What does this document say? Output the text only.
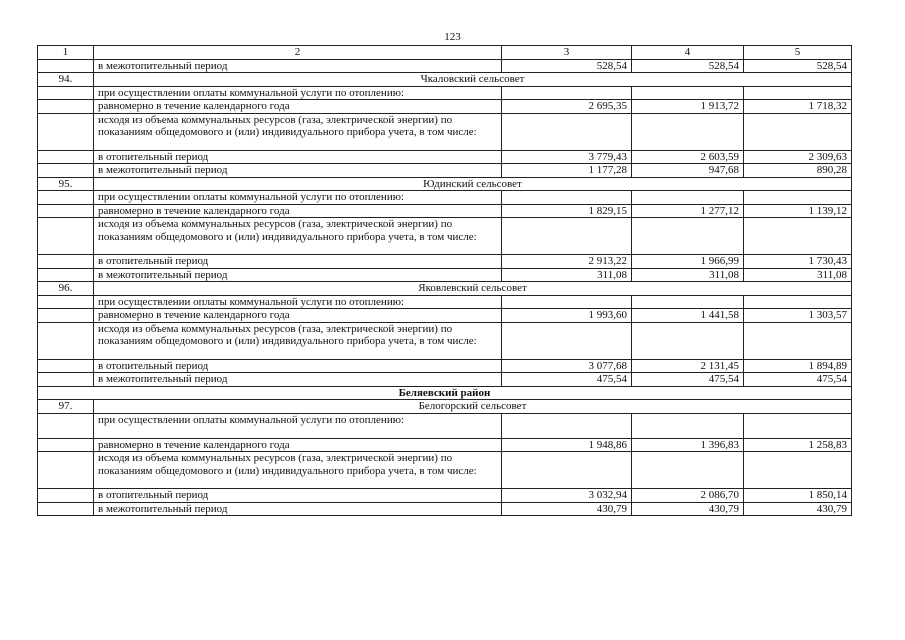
123
1	2	3	4	5
	в межотопительный период	528,54	528,54	528,54
94.	Чкаловский сельсовет			
	при осуществлении оплаты коммунальной услуги по отоплению:			
	равномерно в течение календарного года	2 695,35	1 913,72	1 718,32
	исходя из объема коммунальных ресурсов (газа, электрической энергии) по показаниям общедомового и (или) индивидуального прибора учета, в том числе:			
	в отопительный период	3 779,43	2 603,59	2 309,63
	в межотопительный период	1 177,28	947,68	890,28
95.	Юдинский сельсовет			
	при осуществлении оплаты коммунальной услуги по отоплению:			
	равномерно в течение календарного года	1 829,15	1 277,12	1 139,12
	исходя из объема коммунальных ресурсов (газа, электрической энергии) по показаниям общедомового и (или) индивидуального прибора учета, в том числе:			
	в отопительный период	2 913,22	1 966,99	1 730,43
	в межотопительный период	311,08	311,08	311,08
96.	Яковлевский сельсовет			
	при осуществлении оплаты коммунальной услуги по отоплению:			
	равномерно в течение календарного года	1 993,60	1 441,58	1 303,57
	исходя из объема коммунальных ресурсов (газа, электрической энергии) по показаниям общедомового и (или) индивидуального прибора учета, в том числе:			
	в отопительный период	3 077,68	2 131,45	1 894,89
	в межотопительный период	475,54	475,54	475,54
Беляевский район				
97.	Белогорский сельсовет			
	при осуществлении оплаты коммунальной услуги по отоплению:			
	равномерно в течение календарного года	1 948,86	1 396,83	1 258,83
	исходя из объема коммунальных ресурсов (газа, электрической энергии) по показаниям общедомового и (или) индивидуального прибора учета, в том числе:			
	в отопительный период	3 032,94	2 086,70	1 850,14
	в межотопительный период	430,79	430,79	430,79
